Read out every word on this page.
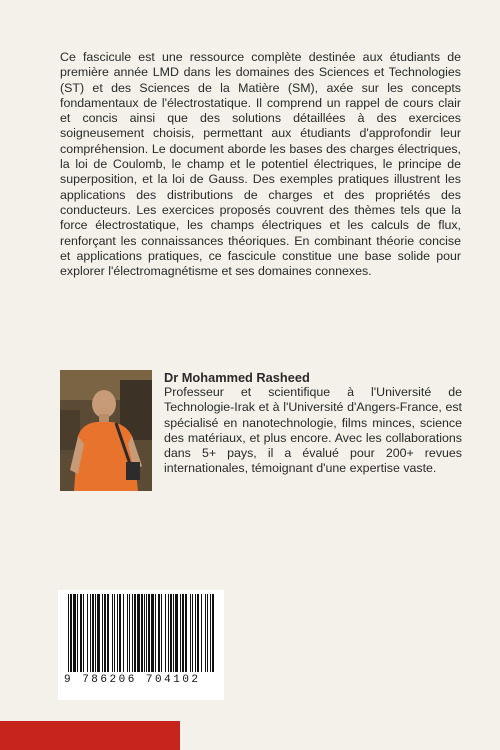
Ce fascicule est une ressource complète destinée aux étudiants de première année LMD dans les domaines des Sciences et Technologies (ST) et des Sciences de la Matière (SM), axée sur les concepts fondamentaux de l'électrostatique. Il comprend un rappel de cours clair et concis ainsi que des solutions détaillées à des exercices soigneusement choisis, permettant aux étudiants d'approfondir leur compréhension. Le document aborde les bases des charges électriques, la loi de Coulomb, le champ et le potentiel électriques, le principe de superposition, et la loi de Gauss. Des exemples pratiques illustrent les applications des distributions de charges et des propriétés des conducteurs. Les exercices proposés couvrent des thèmes tels que la force électrostatique, les champs électriques et les calculs de flux, renforçant les connaissances théoriques. En combinant théorie concise et applications pratiques, ce fascicule constitue une base solide pour explorer l'électromagnétisme et ses domaines connexes.

Dr Mohammed Rasheed

Professeur et scientifique à l'Université de Technologie-Irak et à l'Université d'Angers-France, est spécialisé en nanotechnologie, films minces, science des matériaux, et plus encore. Avec les collaborations dans 5+ pays, il a évalué pour 200+ revues internationales, témoignant d'une expertise vaste.

9 786206 704102
